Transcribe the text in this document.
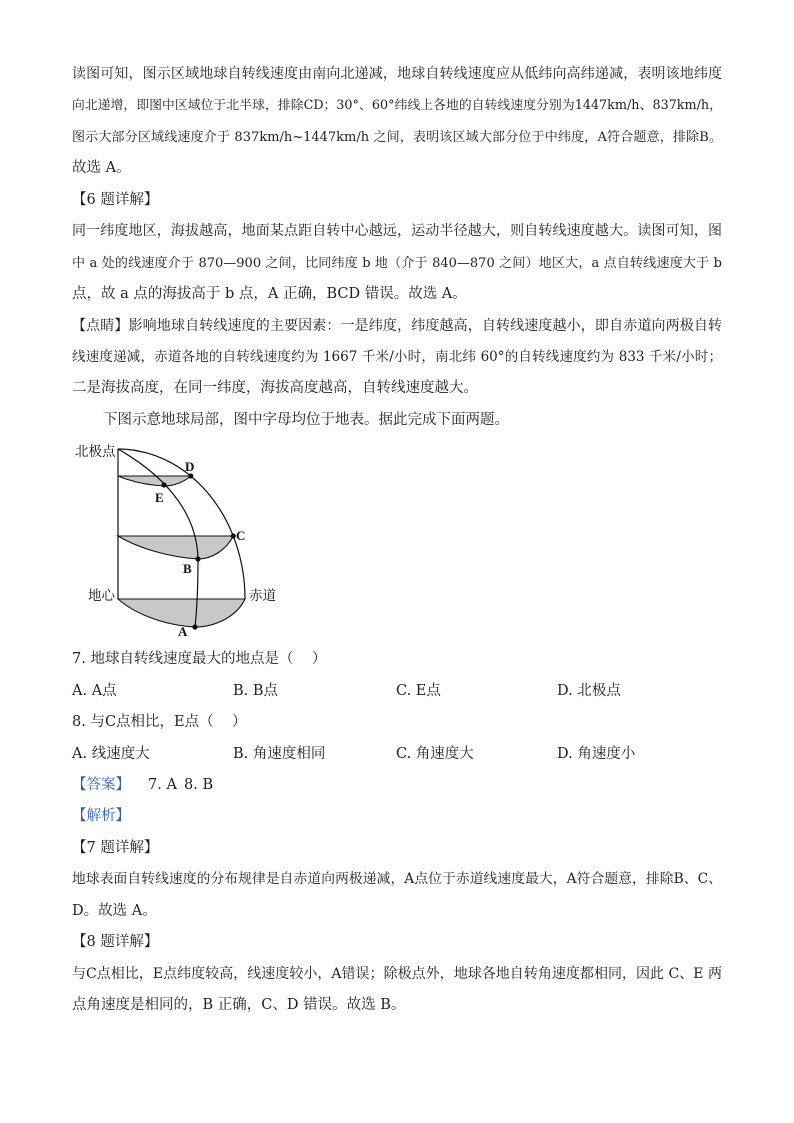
读图可知，图示区域地球自转线速度由南向北递减，地球自转线速度应从低纬向高纬递减，表明该地纬度
向北递增，即图中区域位于北半球，排除CD；30°、60°纬线上各地的自转线速度分别为1447km/h、837km/h，
图示大部分区域线速度介于 837km/h~1447km/h 之间，表明该区域大部分位于中纬度，A符合题意，排除B。
故选 A。
【6 题详解】
同一纬度地区，海拔越高，地面某点距自转中心越远，运动半径越大，则自转线速度越大。读图可知，图
中 a 处的线速度介于 870—900 之间，比同纬度 b 地（介于 840—870 之间）地区大，a 点自转线速度大于 b
点，故 a 点的海拔高于 b 点，A 正确，BCD 错误。故选 A。
【点睛】影响地球自转线速度的主要因素：一是纬度，纬度越高，自转线速度越小，即自赤道向两极自转
线速度递减，赤道各地的自转线速度约为 1667 千米/小时，南北纬 60°的自转线速度约为 833 千米/小时；
二是海拔高度，在同一纬度，海拔高度越高，自转线速度越大。
下图示意地球局部，图中字母均位于地表。据此完成下面两题。
北极点
地心	赤道
D
E
C
B
A
7. 地球自转线速度最大的地点是（    ）
A. A点	B. B点	C. E点	D. 北极点
8. 与C点相比，E点（    ）
A. 线速度大	B. 角速度相同	C. 角速度大	D. 角速度小
【答案】 7. A 8. B
【解析】
【7 题详解】
地球表面自转线速度的分布规律是自赤道向两极递减，A点位于赤道线速度最大，A符合题意，排除B、C、
D。故选 A。
【8 题详解】
与C点相比，E点纬度较高，线速度较小，A错误；除极点外，地球各地自转角速度都相同，因此 C、E 两
点角速度是相同的，B 正确，C、D 错误。故选 B。
